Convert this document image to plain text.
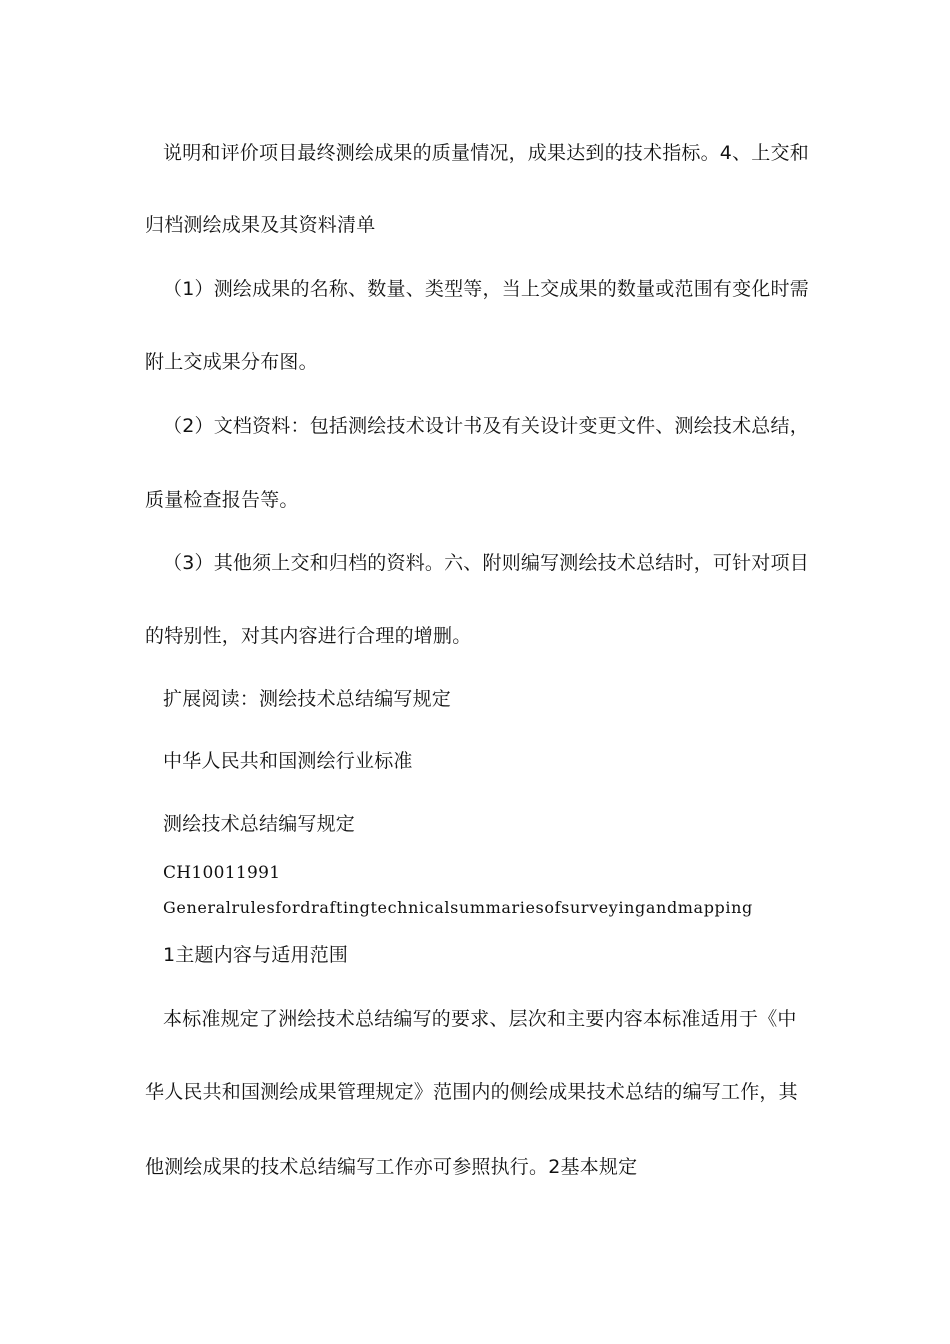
说明和评价项目最终测绘成果的质量情况，成果达到的技术指标。4、上交和
归档测绘成果及其资料清单
（1）测绘成果的名称、数量、类型等，当上交成果的数量或范围有变化时需
附上交成果分布图。
（2）文档资料：包括测绘技术设计书及有关设计变更文件、测绘技术总结，
质量检查报告等。
（3）其他须上交和归档的资料。六、附则编写测绘技术总结时，可针对项目
的特别性，对其内容进行合理的增删。
扩展阅读：测绘技术总结编写规定
中华人民共和国测绘行业标准
测绘技术总结编写规定
CH10011991
Generalrulesfordraftingtechnicalsummariesofsurveyingandmapping
1主题内容与适用范围
本标准规定了洲绘技术总结编写的要求、层次和主要内容本标准适用于《中
华人民共和国测绘成果管理规定》范围内的侧绘成果技术总结的编写工作，其
他测绘成果的技术总结编写工作亦可参照执行。2基本规定
